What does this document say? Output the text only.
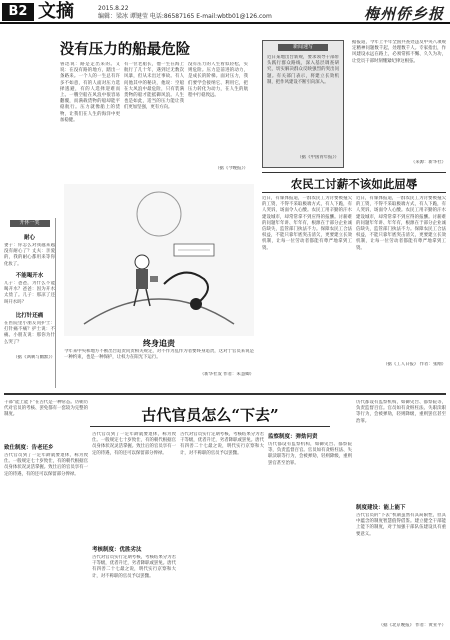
B2 文摘	2015.8.22
编辑：梁冰 谭键莹 电话:86587165 E-mail:wbtb01@126.com	梅州侨乡报
没有压力的船最危险
鲁迅说：路是走出来的。又说：在没有路的地方，踏出一条路来。一个人的一生总有许多不如意，有的人面对压力选择逃避，有的人选择迎难而上。一艘空船在风浪中很容易翻覆，而满载货物的船却能平稳航行。压力就像船上的货物，让我们在人生的海洋中更加稳健。
有一位老船长，他一生在海上航行了几十年，遇到过无数次风暴，但从未出过事故。有人问他其中的秘诀，他说：空船在大风浪中最危险，只有装满货物的船才能抵御风浪。人生也是如此，适当的压力能让我们更加坚强，更有方向。
没有压力的人生看似轻松，实则危险。压力是前进的动力，是成长的阶梯。面对压力，我们要学会接纳它、利用它，把压力转化为动力，在人生的航程中行稳致远。
（据《今晚报》）
开怀一笑
耐心
妻子：你怎么对我越来越没有耐心了？丈夫：亲爱的，我的耐心都用来等你化妆了。
不能喝开水
儿子：爸爸，为什么不能喝开水？爸爸：因为开水太烫了。儿子：那凉了还叫开水吗？
比打针还痛
在医院里小朋友问护士：打针痛不痛？护士说：不痛。小朋友说：那你为什么哭了？
（据《讽刺与幽默》）
终身追责
今年来中央和地方不断出台追责问责相关规定，对不作为乱作为者要终身追责，这对于官员来说是一种约束，也是一种保护，让权力在阳光下运行。
（新华社发 作者：朱慧卿）
新闻速写
近日某地出台新规，要求领导干部带头践行群众路线，深入基层调查研究，切实解决群众反映强烈的突出问题。有关部门表示，将建立长效机制，把作风建设不断引向深入。
（据《中国青年报》）
据报道，今年上半年全国共查处违反中央八项规定精神问题数千起，处理数千人。专家指出，作风建设永远在路上，必须常抓不懈、久久为功，让党员干部时刻绷紧纪律这根弦。
（来源：新华社）
农民工讨薪不该如此屈辱
近日，有媒体报道，一群农民工为讨要被拖欠的工资，不得不采取极端方式，有人下跪，有人哭诉，场面令人心酸。农民工用辛勤的汗水建设城市，却常常拿不到应得的报酬。讨薪难的问题年年讲、年年有，根源在于部分企业诚信缺失，监管部门执法不力。保障农民工合法权益，不能只靠年底突击清欠，更要建立长效机制，让每一位劳动者都能有尊严地拿到工资。
近日，有媒体报道，一群农民工为讨要被拖欠的工资，不得不采取极端方式，有人下跪，有人哭诉，场面令人心酸。农民工用辛勤的汗水建设城市，却常常拿不到应得的报酬。讨薪难的问题年年讲、年年有，根源在于部分企业诚信缺失，监管部门执法不力。保障农民工合法权益，不能只靠年底突击清欠，更要建立长效机制，让每一位劳动者都能有尊严地拿到工资。
（据《工人日报》 作者：张刚）
古代官员怎么“下去”
干部“能上能下”在古代是一种常态。历朝历代对官员的考核、罢免都有一套较为完整的制度。
致仕制度：告老还乡
古代官员到了一定年龄就要退休，称为致仕。一般规定七十岁致仕，有的朝代根据官员身体状况灵活掌握。致仕后的官员享有一定的待遇，有的还可以保留部分俸禄。
古代官员到了一定年龄就要退休，称为致仕。一般规定七十岁致仕，有的朝代根据官员身体状况灵活掌握。致仕后的官员享有一定的待遇，有的还可以保留部分俸禄。
考核制度：优胜劣汰
古代对官员实行定期考核，考核结果分为若干等级，优者升迁，劣者降职或罢免。唐代有四善二十七最之说，明代实行京察和大计，对不称职的官员予以罢黜。
古代对官员实行定期考核，考核结果分为若干等级，优者升迁，劣者降职或罢免。唐代有四善二十七最之说，明代实行京察和大计，对不称职的官员予以罢黜。
监察制度：弹劾问责
历代都设有监察机构，如御史台、都察院等，负责监督百官。官员如有贪赃枉法、失职渎职等行为，会被弹劾，轻则降级，重则罢官甚至治罪。
历代都设有监察机构，如御史台、都察院等，负责监督百官。官员如有贪赃枉法、失职渎职等行为，会被弹劾，轻则降级，重则罢官甚至治罪。
制度建设：能上能下
古代官员的“下去”机制虽然有其局限性，但其中蕴含的制度智慧值得借鉴。建立健全干部能上能下的制度，对于加强干部队伍建设具有重要意义。
（据《北京晚报》 作者：黄亚平）
